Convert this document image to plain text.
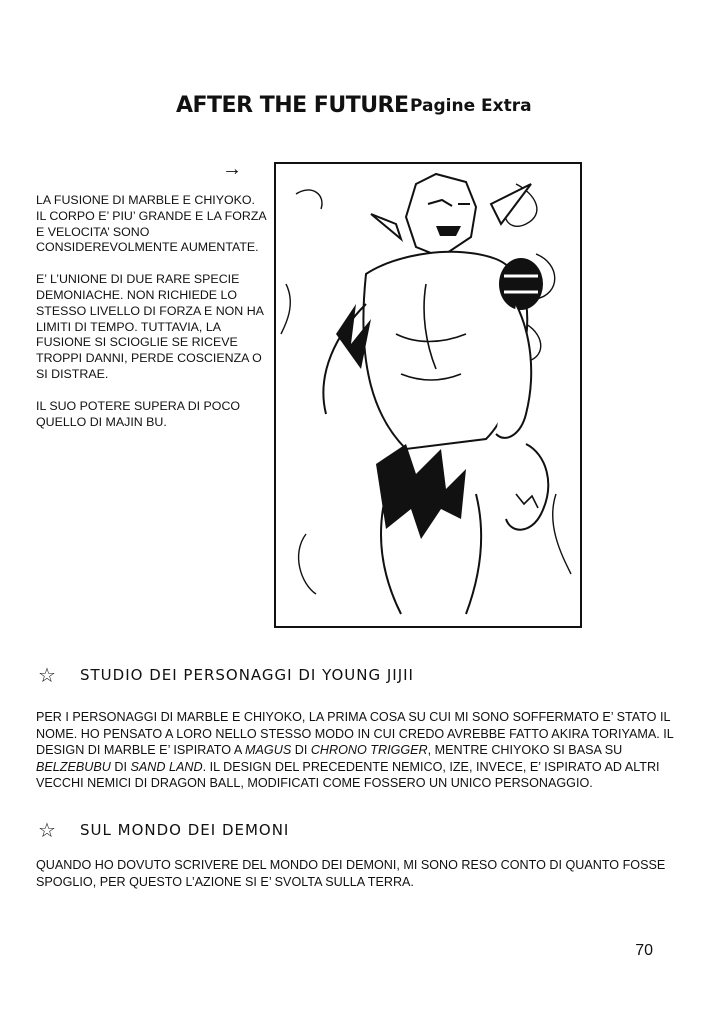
AFTER THE FUTURE Pagine Extra
→

LA FUSIONE DI MARBLE E CHIYOKO. IL CORPO E’ PIU’ GRANDE E LA FORZA E VELOCITA’ SONO CONSIDEREVOLMENTE AUMENTATE.

E’ L’UNIONE DI DUE RARE SPECIE DEMONIACHE. NON RICHIEDE LO STESSO LIVELLO DI FORZA E NON HA LIMITI DI TEMPO. TUTTAVIA, LA FUSIONE SI SCIOGLIE SE RICEVE TROPPI DANNI, PERDE COSCIENZA O SI DISTRAE.

IL SUO POTERE SUPERA DI POCO QUELLO DI MAJIN BU.

☆	STUDIO DEI PERSONAGGI DI YOUNG JIJII
PER I PERSONAGGI DI MARBLE E CHIYOKO, LA PRIMA COSA SU CUI MI SONO SOFFERMATO E’ STATO IL NOME. HO PENSATO A LORO NELLO STESSO MODO IN CUI CREDO AVREBBE FATTO AKIRA TORIYAMA. IL DESIGN DI MARBLE E’ ISPIRATO A MAGUS DI CHRONO TRIGGER, MENTRE CHIYOKO SI BASA SU BELZEBUBU DI SAND LAND. IL DESIGN DEL PRECEDENTE NEMICO, IZE, INVECE, E’ ISPIRATO AD ALTRI VECCHI NEMICI DI DRAGON BALL, MODIFICATI COME FOSSERO UN UNICO PERSONAGGIO.
☆	SUL MONDO DEI DEMONI
QUANDO HO DOVUTO SCRIVERE DEL MONDO DEI DEMONI, MI SONO RESO CONTO DI QUANTO FOSSE SPOGLIO, PER QUESTO L’AZIONE SI E’ SVOLTA SULLA TERRA.
70
